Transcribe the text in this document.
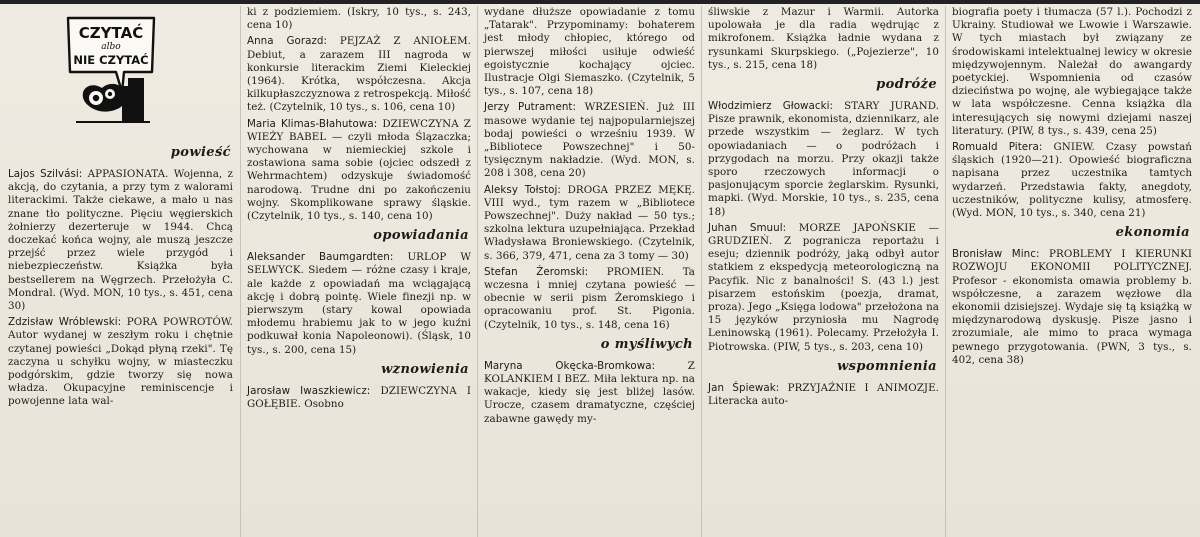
CZYTAĆ
albo
NIE CZYTAĆ
powieść

Lajos Szilvási: APPASIONATA. Wojenna, z akcją, do czytania, a przy tym z walorami literackimi. Także ciekawe, a mało u nas znane tło polityczne. Pięciu węgierskich żołnierzy dezerteruje w 1944. Chcą doczekać końca wojny, ale muszą jeszcze przejść przez wiele przygód i niebezpieczeństw. Książka była bestsellerem na Węgrzech. Przełożyła C. Mondral. (Wyd. MON, 10 tys., s. 451, cena 30)

Zdzisław Wróblewski: PORA POWROTÓW. Autor wydanej w zeszłym roku i chętnie czytanej powieści „Dokąd płyną rzeki". Tę zaczyna u schyłku wojny, w miasteczku podgórskim, gdzie tworzy się nowa władza. Okupacyjne reminiscencje i powojenne lata wal-

ki z podziemiem. (Iskry, 10 tys., s. 243, cena 10)

Anna Gorazd: PEJZAŻ Z ANIOŁEM. Debiut, a zarazem III nagroda w konkursie literackim Ziemi Kieleckiej (1964). Krótka, współczesna. Akcja kilkupłaszczyznowa z retrospekcją. Miłość też. (Czytelnik, 10 tys., s. 106, cena 10)

Maria Klimas-Błahutowa: DZIEWCZYNA Z WIEŻY BABEL — czyli młoda Ślązaczka; wychowana w niemieckiej szkole i zostawiona sama sobie (ojciec odszedł z Wehrmachtem) odzyskuje świadomość narodową. Trudne dni po zakończeniu wojny. Skomplikowane sprawy śląskie. (Czytelnik, 10 tys., s. 140, cena 10)

opowiadania

Aleksander Baumgardten: URLOP W SELWYCK. Siedem — różne czasy i kraje, ale każde z opowiadań ma wciągającą akcję i dobrą pointę. Wiele finezji np. w pierwszym (stary kowal opowiada młodemu hrabiemu jak to w jego kuźni podkuwał konia Napoleonowi). (Śląsk, 10 tys., s. 200, cena 15)

wznowienia

Jarosław Iwaszkiewicz: DZIEWCZYNA I GOŁĘBIE. Osobno

wydane dłuższe opowiadanie z tomu „Tatarak". Przypominamy: bohaterem jest młody chłopiec, którego od pierwszej miłości usiłuje odwieść egoistycznie kochający ojciec. Ilustracje Olgi Siemaszko. (Czytelnik, 5 tys., s. 107, cena 18)

Jerzy Putrament: WRZESIEŃ. Już III masowe wydanie tej najpopularniejszej bodaj powieści o wrześniu 1939. W „Bibliotece Powszechnej" i 50-tysięcznym nakładzie. (Wyd. MON, s. 208 i 308, cena 20)

Aleksy Tołstoj: DROGA PRZEZ MĘKĘ. VIII wyd., tym razem w „Bibliotece Powszechnej". Duży nakład — 50 tys.; szkolna lektura uzupełniająca. Przekład Władysława Broniewskiego. (Czytelnik, s. 366, 379, 471, cena za 3 tomy — 30)

Stefan Żeromski: PROMIEN. Ta wczesna i mniej czytana powieść — obecnie w serii pism Żeromskiego i opracowaniu prof. St. Pigonia. (Czytelnik, 10 tys., s. 148, cena 16)

o myśliwych

Maryna Okęcka-Bromkowa:	Z KOLANKIEM I BEZ. Miła lektura np. na wakacje, kiedy się jest bliżej lasów. Urocze, czasem dramatyczne, częściej zabawne gawędy my-

śliwskie z Mazur i Warmii. Autorka upolowała je dla radia wędrując z mikrofonem. Książka ładnie wydana z rysunkami Skurpskiego. („Pojezierze", 10 tys., s. 215, cena 18)

podróże

Włodzimierz Głowacki: STARY JURAND. Pisze prawnik, ekonomista, dziennikarz, ale przede wszystkim — żeglarz. W tych opowiadaniach — o podróżach i przygodach na morzu. Przy okazji także sporo rzeczowych informacji o pasjonującym sporcie żeglarskim. Rysunki, mapki. (Wyd. Morskie, 10 tys., s. 235, cena 18)

Juhan Smuul: MORZE JAPOŃSKIE — GRUDZIEŃ. Z pogranicza reportażu i eseju; dziennik podróży, jaką odbył autor statkiem z ekspedycją meteorologiczną na Pacyfik. Nic z banalności! S. (43 l.) jest pisarzem estońskim (poezja, dramat, proza). Jego „Księga lodowa" przełożona na 15 języków przyniosła mu Nagrodę Leninowską (1961). Polecamy. Przełożyła I. Piotrowska. (PIW, 5 tys., s. 203, cena 10)

wspomnienia

Jan Śpiewak: PRZYJAŹNIE I ANIMOZJE. Literacka auto-

biografia poety i tłumacza (57 l.). Pochodzi z Ukrainy. Studiował we Lwowie i Warszawie. W tych miastach był związany ze środowiskami intelektualnej lewicy w okresie międzywojennym. Należał do awangardy poetyckiej. Wspomnienia od czasów dzieciństwa po wojnę, ale wybiegające także w lata współczesne. Cenna książka dla interesujących się nowymi dziejami naszej literatury. (PIW, 8 tys., s. 439, cena 25)

Romuald Pitera: GNIEW. Czasy powstań śląskich (1920—21). Opowieść biograficzna napisana przez uczestnika tamtych wydarzeń. Przedstawia fakty, anegdoty, uczestników, polityczne kulisy, atmosferę. (Wyd. MON, 10 tys., s. 340, cena 21)

ekonomia

Bronisław Minc: PROBLEMY I KIERUNKI ROZWOJU EKONOMII POLITYCZNEJ. Profesor - ekonomista omawia problemy b. współczesne, a zarazem węzłowe dla ekonomii dzisiejszej. Wydaje się tą książką w międzynarodową dyskusję. Pisze jasno i zrozumiale, ale mimo to praca wymaga pewnego przygotowania. (PWN, 3 tys., s. 402, cena 38)
